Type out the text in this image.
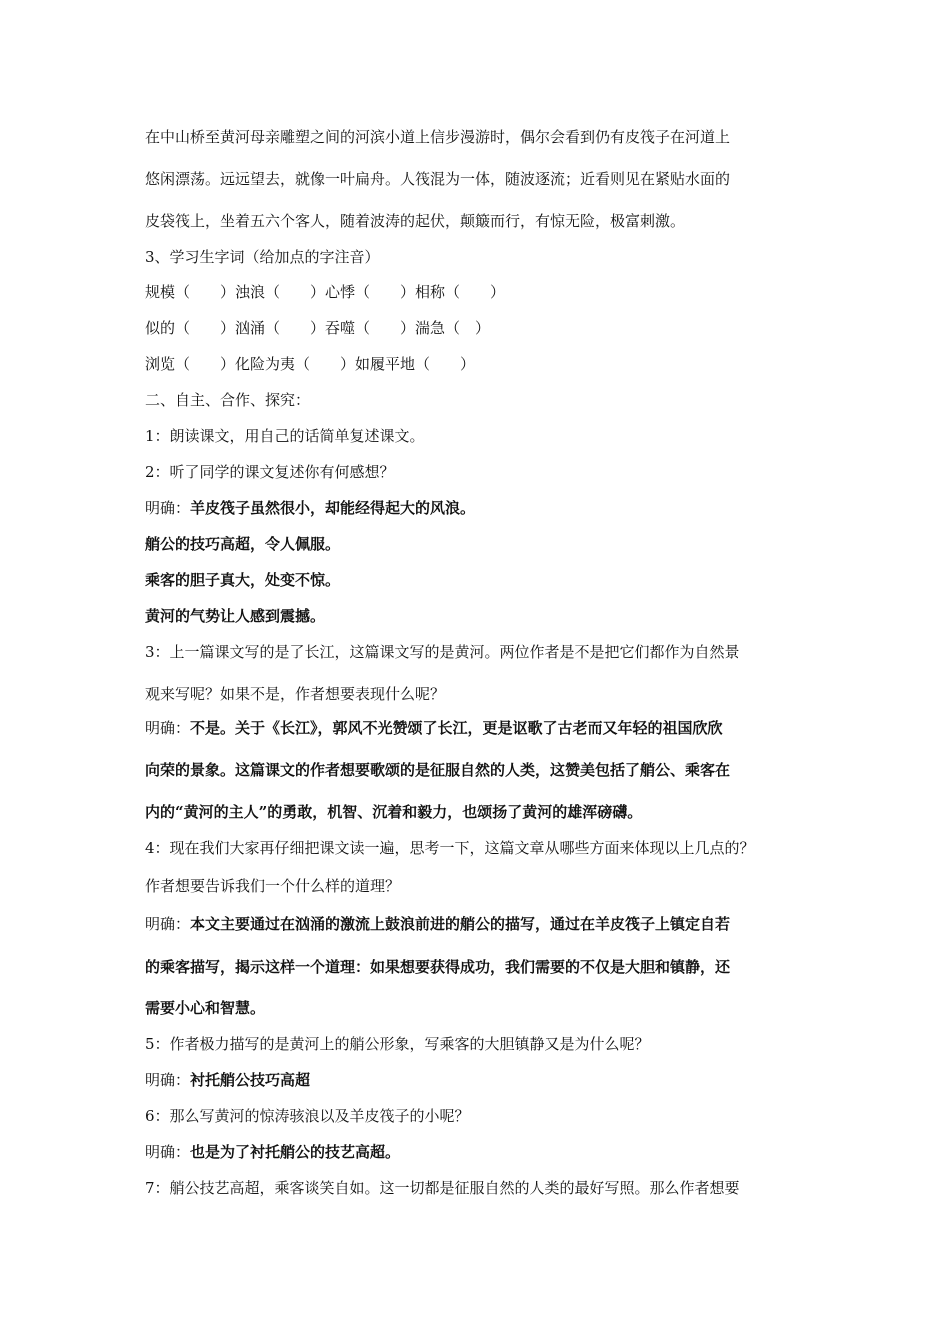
在中山桥至黄河母亲雕塑之间的河滨小道上信步漫游时，偶尔会看到仍有皮筏子在河道上
悠闲漂荡。远远望去，就像一叶扁舟。人筏混为一体，随波逐流；近看则见在紧贴水面的
皮袋筏上，坐着五六个客人，随着波涛的起伏，颠簸而行，有惊无险，极富刺激。
3、学习生字词（给加点的字注音）
规模（　　）浊浪（　　）心悸（　　）相称（　　）
似的（　　）汹涌（　　）吞噬（　　）湍急（　）
浏览（　　）化险为夷（　　）如履平地（　　）
二、自主、合作、探究：
1：朗读课文，用自己的话简单复述课文。
2：听了同学的课文复述你有何感想？
明确：羊皮筏子虽然很小，却能经得起大的风浪。
艄公的技巧高超，令人佩服。
乘客的胆子真大，处变不惊。
黄河的气势让人感到震撼。
3：上一篇课文写的是了长江，这篇课文写的是黄河。两位作者是不是把它们都作为自然景
观来写呢？如果不是，作者想要表现什么呢？
明确：不是。关于《长江》，郭风不光赞颂了长江，更是讴歌了古老而又年轻的祖国欣欣
向荣的景象。这篇课文的作者想要歌颂的是征服自然的人类，这赞美包括了艄公、乘客在
内的“黄河的主人”的勇敢，机智、沉着和毅力，也颂扬了黄河的雄浑磅礴。
4：现在我们大家再仔细把课文读一遍，思考一下，这篇文章从哪些方面来体现以上几点的？
作者想要告诉我们一个什么样的道理？
明确：本文主要通过在汹涌的激流上鼓浪前进的艄公的描写，通过在羊皮筏子上镇定自若
的乘客描写，揭示这样一个道理：如果想要获得成功，我们需要的不仅是大胆和镇静，还
需要小心和智慧。
5：作者极力描写的是黄河上的艄公形象，写乘客的大胆镇静又是为什么呢？
明确：衬托艄公技巧高超
6：那么写黄河的惊涛骇浪以及羊皮筏子的小呢？
明确：也是为了衬托艄公的技艺高超。
7：艄公技艺高超，乘客谈笑自如。这一切都是征服自然的人类的最好写照。那么作者想要
